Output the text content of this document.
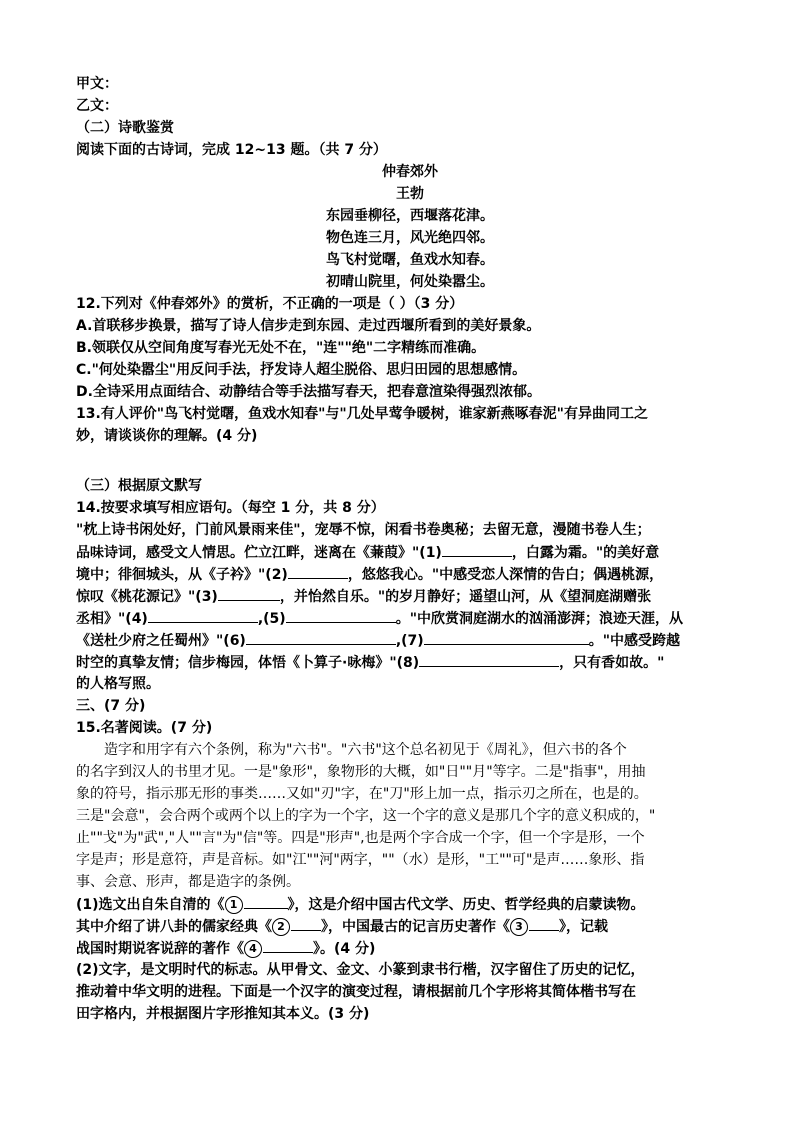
甲文：
乙文：
（二）诗歌鉴赏
阅读下面的古诗词，完成 12~13 题。（共 7 分）
仲春郊外
王勃
东园垂柳径，西堰落花津。
物色连三月，风光绝四邻。
鸟飞村觉曙，鱼戏水知春。
初晴山院里，何处染嚣尘。
12.下列对《仲春郊外》的赏析，不正确的一项是（ ）（3 分）
A.首联移步换景，描写了诗人信步走到东园、走过西堰所看到的美好景象。
B.领联仅从空间角度写春光无处不在，"连""绝"二字精练而准确。
C."何处染嚣尘"用反问手法，抒发诗人超尘脱俗、思归田园的思想感情。
D.全诗采用点面结合、动静结合等手法描写春天，把春意渲染得强烈浓郁。
13.有人评价"鸟飞村觉曙，鱼戏水知春"与"几处早莺争暖树，谁家新燕啄春泥"有异曲同工之
妙，请谈谈你的理解。(4 分)
（三）根据原文默写
14.按要求填写相应语句。（每空 1 分，共 8 分）
"枕上诗书闲处好，门前风景雨来佳"，宠辱不惊，闲看书卷奥秘；去留无意，漫随书卷人生；
品味诗词，感受文人情思。伫立江畔，迷离在《蒹葭》"(1)	，白露为霜。"的美好意
境中；徘徊城头，从《子衿》"(2)	，悠悠我心。"中感受恋人深情的告白；偶遇桃源，
惊叹《桃花源记》"(3)	，并怡然自乐。"的岁月静好；遥望山河，从《望洞庭湖赠张
丞相》"(4)	,(5)	。"中欣赏洞庭湖水的汹涌澎湃；浪迹天涯，从
《送杜少府之任蜀州》"(6)	,(7)	。"中感受跨越
时空的真挚友情；信步梅园，体悟《卜算子·咏梅》"(8)	，只有香如故。"
的人格写照。
三、(7 分)
15.名著阅读。(7 分)
造字和用字有六个条例，称为"六书"。"六书"这个总名初见于《周礼》，但六书的各个
的名字到汉人的书里才见。一是"象形"，象物形的大概，如"日""月"等字。二是"指事"，用抽
象的符号，指示那无形的事类……又如"刃"字，在"刀"形上加一点，指示刃之所在，也是的。
三是"会意"，会合两个或两个以上的字为一个字，这一个字的意义是那几个字的意义积成的，"
止""戈"为"武","人""言"为"信"等。四是"形声",也是两个字合成一个字，但一个字是形，一个
字是声；形是意符，声是音标。如"江""河"两字，""（水）是形，"工""可"是声……象形、指
事、会意、形声，都是造字的条例。
(1)选文出自朱自清的《 1	》，这是介绍中国古代文学、历史、哲学经典的启蒙读物。
其中介绍了讲八卦的儒家经典《 2	》，中国最古的记言历史著作《 3	》，记载
战国时期说客说辞的著作《 4	》。(4 分)
(2)文字，是文明时代的标志。从甲骨文、金文、小篆到隶书行楷，汉字留住了历史的记忆，
推动着中华文明的进程。下面是一个汉字的演变过程，请根据前几个字形将其简体楷书写在
田字格内，并根据图片字形推知其本义。(3 分)
